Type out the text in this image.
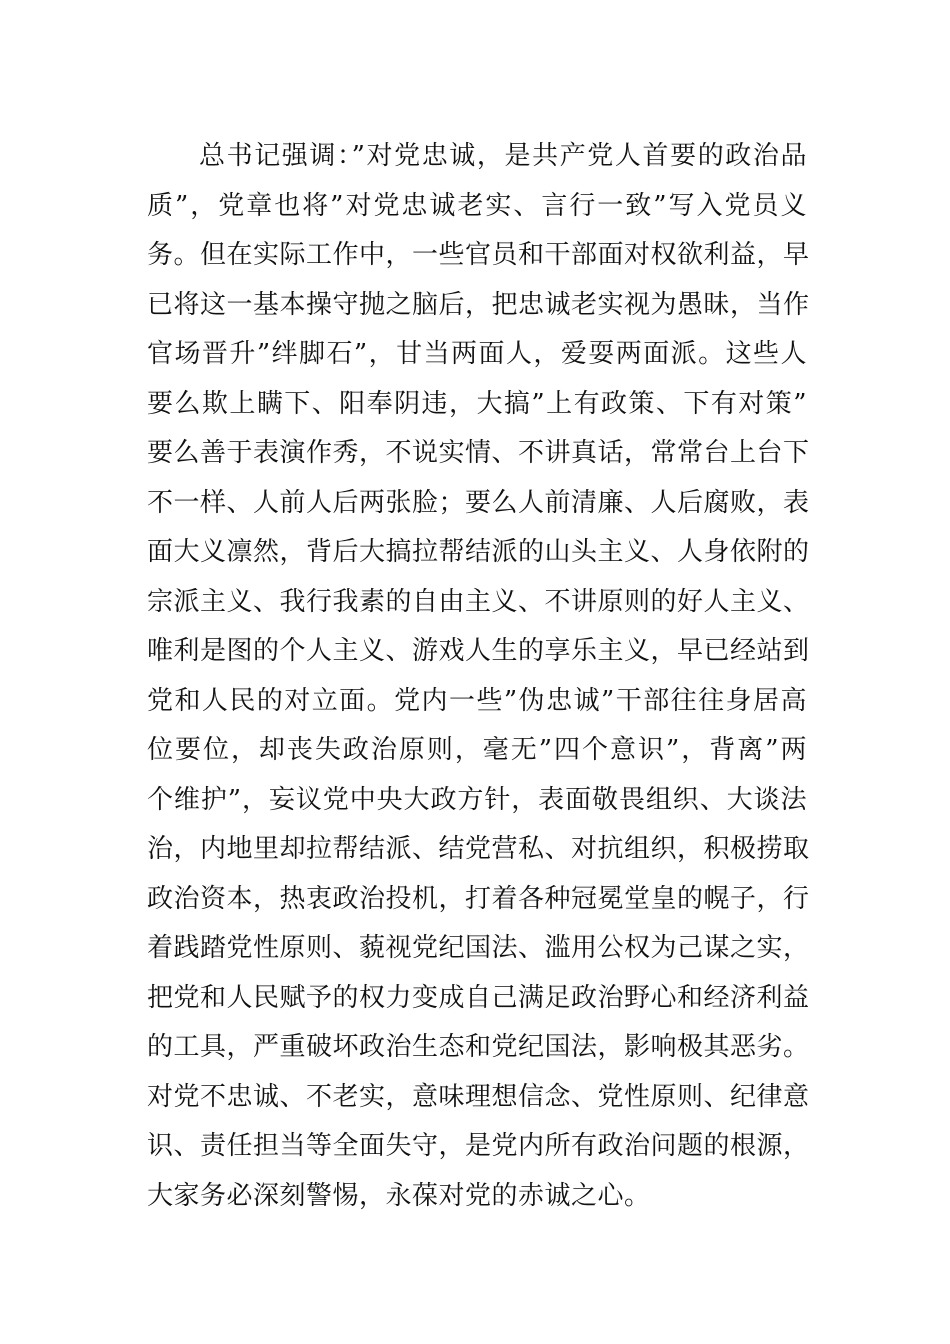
总书记强调：”对党忠诚，是共产党人首要的政治品
质”，党章也将”对党忠诚老实、言行一致”写入党员义
务。但在实际工作中，一些官员和干部面对权欲利益，早
已将这一基本操守抛之脑后，把忠诚老实视为愚昧，当作
官场晋升”绊脚石”，甘当两面人，爱耍两面派。这些人
要么欺上瞒下、阳奉阴违，大搞”上有政策、下有对策”
要么善于表演作秀，不说实情、不讲真话，常常台上台下
不一样、人前人后两张脸；要么人前清廉、人后腐败，表
面大义凛然，背后大搞拉帮结派的山头主义、人身依附的
宗派主义、我行我素的自由主义、不讲原则的好人主义、
唯利是图的个人主义、游戏人生的享乐主义，早已经站到
党和人民的对立面。党内一些”伪忠诚”干部往往身居高
位要位，却丧失政治原则，毫无”四个意识”，背离”两
个维护”，妄议党中央大政方针，表面敬畏组织、大谈法
治，内地里却拉帮结派、结党营私、对抗组织，积极捞取
政治资本，热衷政治投机，打着各种冠冕堂皇的幌子，行
着践踏党性原则、藐视党纪国法、滥用公权为己谋之实，
把党和人民赋予的权力变成自己满足政治野心和经济利益
的工具，严重破坏政治生态和党纪国法，影响极其恶劣。
对党不忠诚、不老实，意味理想信念、党性原则、纪律意
识、责任担当等全面失守，是党内所有政治问题的根源，
大家务必深刻警惕，永葆对党的赤诚之心。
